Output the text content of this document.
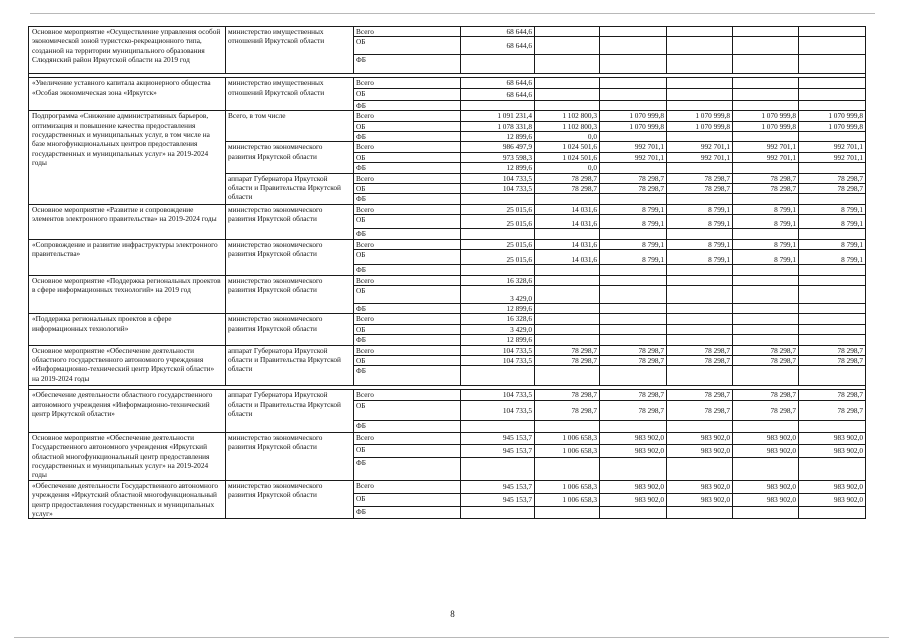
Основное мероприятие «Осуществление управления особой экономической зоной туристско-рекреационного типа, созданной на территории муниципального образования Слюдянский район Иркутской области на 2019 год	министерство имущественных отношений Иркутской области	Всего	68 644,6					
		ОБ	68 644,6					
		ФБ						

«Увеличение уставного капитала акционерного общества «Особая экономическая зона «Иркутск»	министерство имущественных отношений Иркутской области	Всего	68 644,6					
		ОБ	68 644,6					
		ФБ						
Подпрограмма «Снижение административных барьеров, оптимизация и повышение качества предоставления государственных и муниципальных услуг, в том числе на базе многофункциональных центров предоставления государственных и муниципальных услуг» на 2019-2024 годы	Всего, в том числе	Всего	1 091 231,4	1 102 800,3	1 070 999,8	1 070 999,8	1 070 999,8	1 070 999,8
		ОБ	1 078 331,8	1 102 800,3	1 070 999,8	1 070 999,8	1 070 999,8	1 070 999,8
		ФБ	12 899,6	0,0				
	министерство экономического развития Иркутской области	Всего	986 497,9	1 024 501,6	992 701,1	992 701,1	992 701,1	992 701,1
		ОБ	973 598,3	1 024 501,6	992 701,1	992 701,1	992 701,1	992 701,1
		ФБ	12 899,6	0,0				
	аппарат Губернатора Иркутской области и Правительства Иркутской области	Всего	104 733,5	78 298,7	78 298,7	78 298,7	78 298,7	78 298,7
		ОБ	104 733,5	78 298,7	78 298,7	78 298,7	78 298,7	78 298,7
		ФБ						
Основное мероприятие «Развитие и сопровождение элементов электронного правительства» на 2019-2024 годы	министерство экономического развития Иркутской области	Всего	25 015,6	14 031,6	8 799,1	8 799,1	8 799,1	8 799,1
		ОБ	25 015,6	14 031,6	8 799,1	8 799,1	8 799,1	8 799,1
		ФБ						
«Сопровождение и развитие инфраструктуры электронного правительства»	министерство экономического развития Иркутской области	Всего	25 015,6	14 031,6	8 799,1	8 799,1	8 799,1	8 799,1
		ОБ	25 015,6	14 031,6	8 799,1	8 799,1	8 799,1	8 799,1
		ФБ						
Основное мероприятие «Поддержка региональных проектов в сфере информационных технологий» на 2019 год	министерство экономического развития Иркутской области	Всего	16 328,6					
		ОБ	3 429,0					
		ФБ	12 899,6					
«Поддержка региональных проектов в сфере информационных технологий»	министерство экономического развития Иркутской области	Всего	16 328,6					
		ОБ	3 429,0					
		ФБ	12 899,6					
Основное мероприятие «Обеспечение деятельности областного государственного автономного учреждения «Информационно-технический центр Иркутской области» на 2019-2024 годы	аппарат Губернатора Иркутской области и Правительства Иркутской области	Всего	104 733,5	78 298,7	78 298,7	78 298,7	78 298,7	78 298,7
		ОБ	104 733,5	78 298,7	78 298,7	78 298,7	78 298,7	78 298,7
		ФБ						

«Обеспечение деятельности областного государственного автономного учреждения «Информационно-технический центр Иркутской области»	аппарат Губернатора Иркутской области и Правительства Иркутской области	Всего	104 733,5	78 298,7	78 298,7	78 298,7	78 298,7	78 298,7
		ОБ	104 733,5	78 298,7	78 298,7	78 298,7	78 298,7	78 298,7
		ФБ						
Основное мероприятие «Обеспечение деятельности Государственного автономного учреждения «Иркутский областной многофункциональный центр предоставления государственных и муниципальных услуг» на 2019-2024 годы	министерство экономического развития Иркутской области	Всего	945 153,7	1 006 658,3	983 902,0	983 902,0	983 902,0	983 902,0
		ОБ	945 153,7	1 006 658,3	983 902,0	983 902,0	983 902,0	983 902,0
		ФБ						
«Обеспечение деятельности Государственного автономного учреждения «Иркутский областной многофункциональный центр предоставления государственных и муниципальных услуг»	министерство экономического развития Иркутской области	Всего	945 153,7	1 006 658,3	983 902,0	983 902,0	983 902,0	983 902,0
		ОБ	945 153,7	1 006 658,3	983 902,0	983 902,0	983 902,0	983 902,0
		ФБ						
8
